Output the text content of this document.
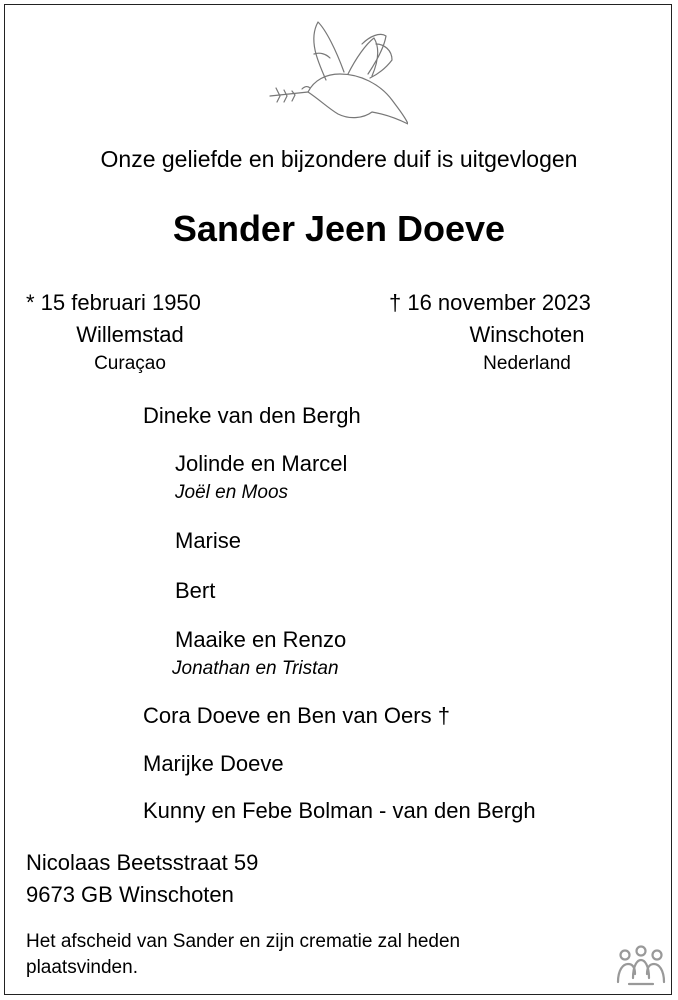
Onze geliefde en bijzondere duif is uitgevlogen
Sander Jeen Doeve
* 15 februari 1950
Willemstad
Curaçao
† 16 november 2023
Winschoten
Nederland
Dineke van den Bergh
Jolinde en Marcel
Joël en Moos
Marise
Bert
Maaike en Renzo
Jonathan en Tristan
Cora Doeve en Ben van Oers †
Marijke Doeve
Kunny en Febe Bolman - van den Bergh
Nicolaas Beetsstraat 59
9673 GB Winschoten
Het afscheid van Sander en zijn crematie zal heden
plaatsvinden.
